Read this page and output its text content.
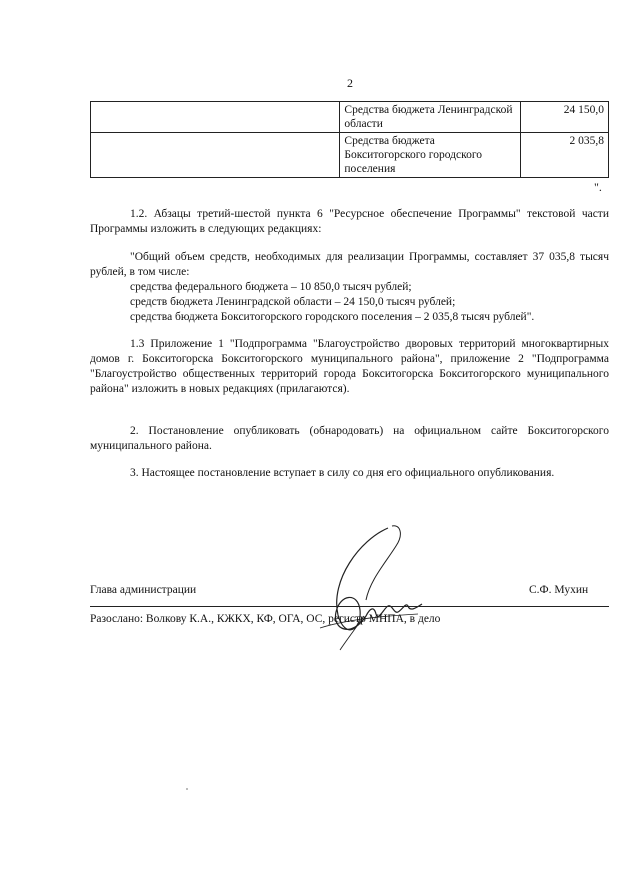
2
	Средства бюджета Ленинградской области	24 150,0
	Средства бюджета Бокситогорского городского поселения	2 035,8
".

1.2. Абзацы третий-шестой пункта 6 "Ресурсное обеспечение Программы" текстовой части Программы изложить в следующих редакциях:

"Общий объем средств, необходимых для реализации Программы, составляет 37 035,8 тысяч рублей, в том числе:

средства федерального бюджета – 10 850,0 тысяч рублей;
средств бюджета Ленинградской области – 24 150,0 тысяч рублей;
средства бюджета Бокситогорского городского поселения – 2 035,8 тысяч рублей".

1.3 Приложение 1 "Подпрограмма "Благоустройство дворовых территорий многоквартирных домов г. Бокситогорска Бокситогорского муниципального района", приложение 2 "Подпрограмма "Благоустройство общественных территорий города Бокситогорска Бокситогорского муниципального района" изложить в новых редакциях (прилагаются).

2. Постановление опубликовать (обнародовать) на официальном сайте Бокситогорского муниципального района.

3. Настоящее постановление вступает в силу со дня его официального опубликования.

Глава администрации	С.Ф. Мухин
Разослано: Волкову К.А., КЖКХ, КФ, ОГА, ОС, регистр МНПА, в дело
